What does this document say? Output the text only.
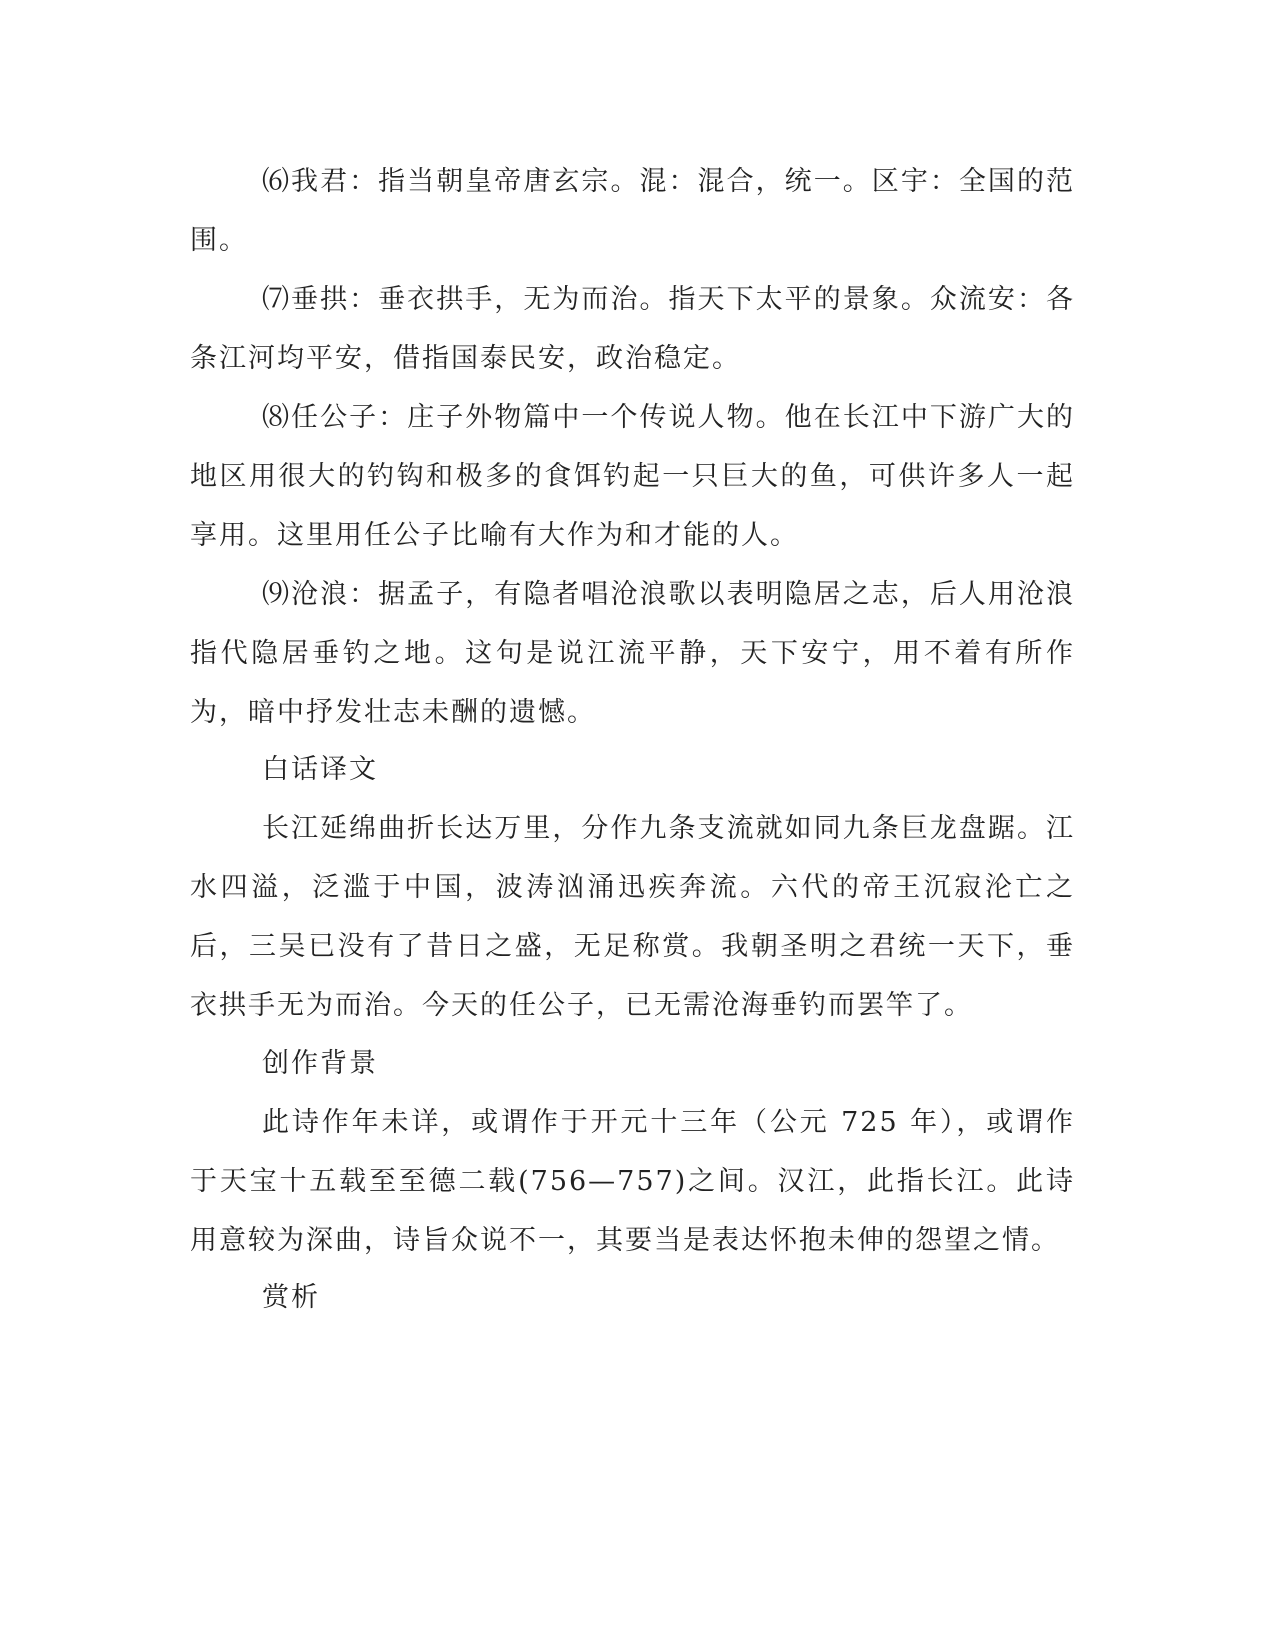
⑹我君：指当朝皇帝唐玄宗。混：混合，统一。区宇：全国的范围。

⑺垂拱：垂衣拱手，无为而治。指天下太平的景象。众流安：各条江河均平安，借指国泰民安，政治稳定。

⑻任公子：庄子外物篇中一个传说人物。他在长江中下游广大的地区用很大的钓钩和极多的食饵钓起一只巨大的鱼，可供许多人一起享用。这里用任公子比喻有大作为和才能的人。

⑼沧浪：据孟子，有隐者唱沧浪歌以表明隐居之志，后人用沧浪指代隐居垂钓之地。这句是说江流平静，天下安宁，用不着有所作为，暗中抒发壮志未酬的遗憾。

白话译文

长江延绵曲折长达万里，分作九条支流就如同九条巨龙盘踞。江水四溢，泛滥于中国，波涛汹涌迅疾奔流。六代的帝王沉寂沦亡之后，三吴已没有了昔日之盛，无足称赏。我朝圣明之君统一天下，垂衣拱手无为而治。今天的任公子，已无需沧海垂钓而罢竿了。

创作背景

此诗作年未详，或谓作于开元十三年（公元 725 年），或谓作于天宝十五载至至德二载(756—757)之间。汉江，此指长江。此诗用意较为深曲，诗旨众说不一，其要当是表达怀抱未伸的怨望之情。

赏析
